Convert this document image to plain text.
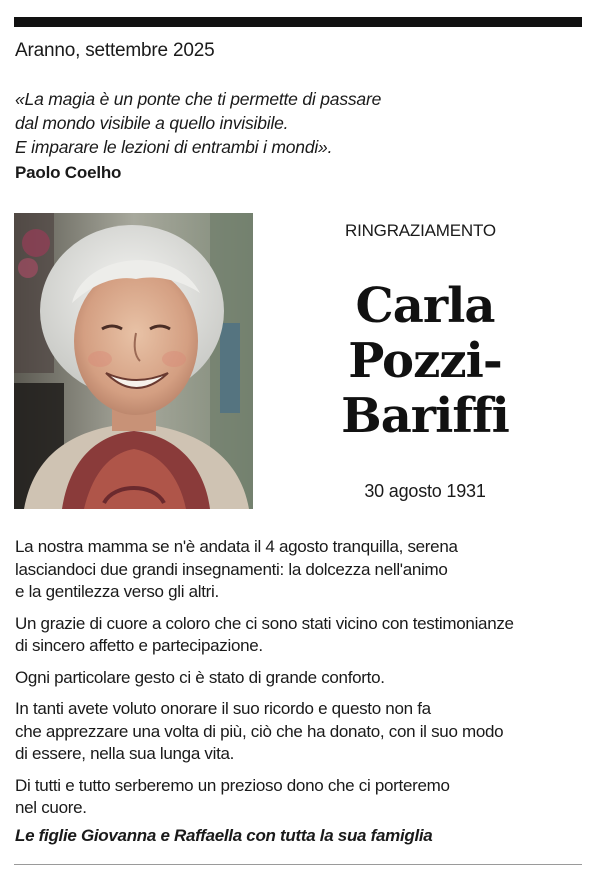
Aranno, settembre 2025
«La magia è un ponte che ti permette di passare
dal mondo visibile a quello invisibile.
E imparare le lezioni di entrambi i mondi».
Paolo Coelho
RINGRAZIAMENTO
Carla
Pozzi-
Bariffi
30 agosto 1931

La nostra mamma se n'è andata il 4 agosto tranquilla, serena
lasciandoci due grandi insegnamenti: la dolcezza nell'animo
e la gentilezza verso gli altri.

Un grazie di cuore a coloro che ci sono stati vicino con testimonianze
di sincero affetto e partecipazione.

Ogni particolare gesto ci è stato di grande conforto.

In tanti avete voluto onorare il suo ricordo e questo non fa
che apprezzare una volta di più, ciò che ha donato, con il suo modo
di essere, nella sua lunga vita.

Di tutti e tutto serberemo un prezioso dono che ci porteremo
nel cuore.

Le figlie Giovanna e Raffaella con tutta la sua famiglia
